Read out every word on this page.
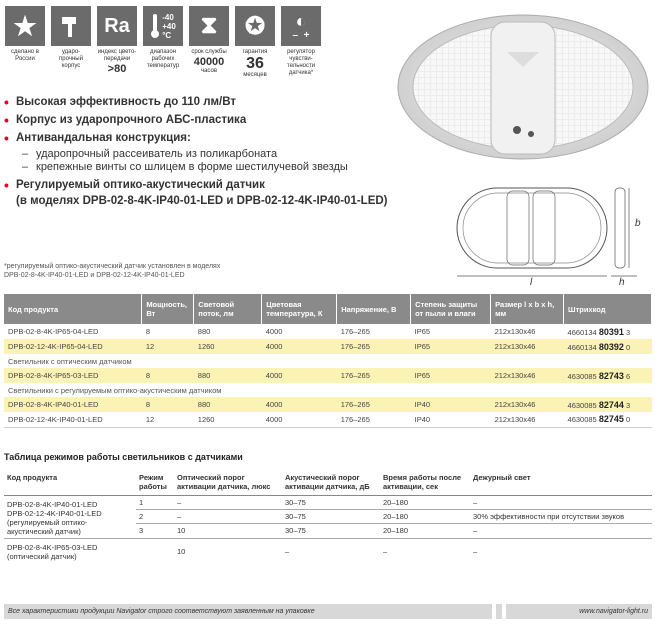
★
сделано в России
ударо-прочный корпус
Ra
индекс цвето-передачи
>80
-40
+40
°C
диапазон рабочих температур
⧗
срок службы
40000
часов
✪
гарантия
36
месяцев
◐
– +
регулятор чувстви-тельности датчика*
l
b
h
• Высокая эффективность до 110 лм/Вт
• Корпус из ударопрочного АБС-пластика
• Антивандальная конструкция:
– ударопрочный рассеиватель из поликарбоната
– крепежные винты со шлицем в форме шестилучевой звезды
• Регулируемый оптико-акустический датчик
(в моделях DPB-02-8-4K-IP40-01-LED и DPB-02-12-4K-IP40-01-LED)
*регулируемый оптико-акустический датчик установлен в моделях
DPB-02-8-4K-IP40-01-LED и DPB-02-12-4K-IP40-01-LED
Код продукта	Мощность, Вт	Световой поток, лм	Цветовая температура, К	Напряжение, В	Степень защиты от пыли и влаги	Размер l x b x h, мм	Штрихкод
DPB-02-8-4K-IP65-04-LED	8	880	4000	176–265	IP65	212x130x46	4660134 80391 3
DPB-02-12-4K-IP65-04-LED	12	1260	4000	176–265	IP65	212x130x46	4660134 80392 0
Светильник с оптическим датчиком							
DPB-02-8-4K-IP65-03-LED	8	880	4000	176–265	IP65	212x130x46	4630085 82743 6
Светильники с регулируемым оптико-акустическим датчиком							
DPB-02-8-4K-IP40-01-LED	8	880	4000	176–265	IP40	212x130x46	4630085 82744 3
DPB-02-12-4K-IP40-01-LED	12	1260	4000	176–265	IP40	212x130x46	4630085 82745 0
Таблица режимов работы светильников с датчиками
Код продукта	Режим работы	Оптический порог активации датчика, люкс	Акустический порог активации датчика, дБ	Время работы после активации, сек	Дежурный свет

DPB-02-8-4K-IP40-01-LED
DPB-02-12-4K-IP40-01-LED
(регулируемый оптико-акустический датчик)	1	–	30–75	20–180	–
	2	–	30–75	20–180	30% эффективности при отсутствии звуков
	3	10	30–75	20–180	–

DPB-02-8-4K-IP65-03-LED
(оптический датчик)		10	–	–	–
Все характеристики продукции Navigator строго соответствуют заявленным на упаковке	www.navigator-light.ru
